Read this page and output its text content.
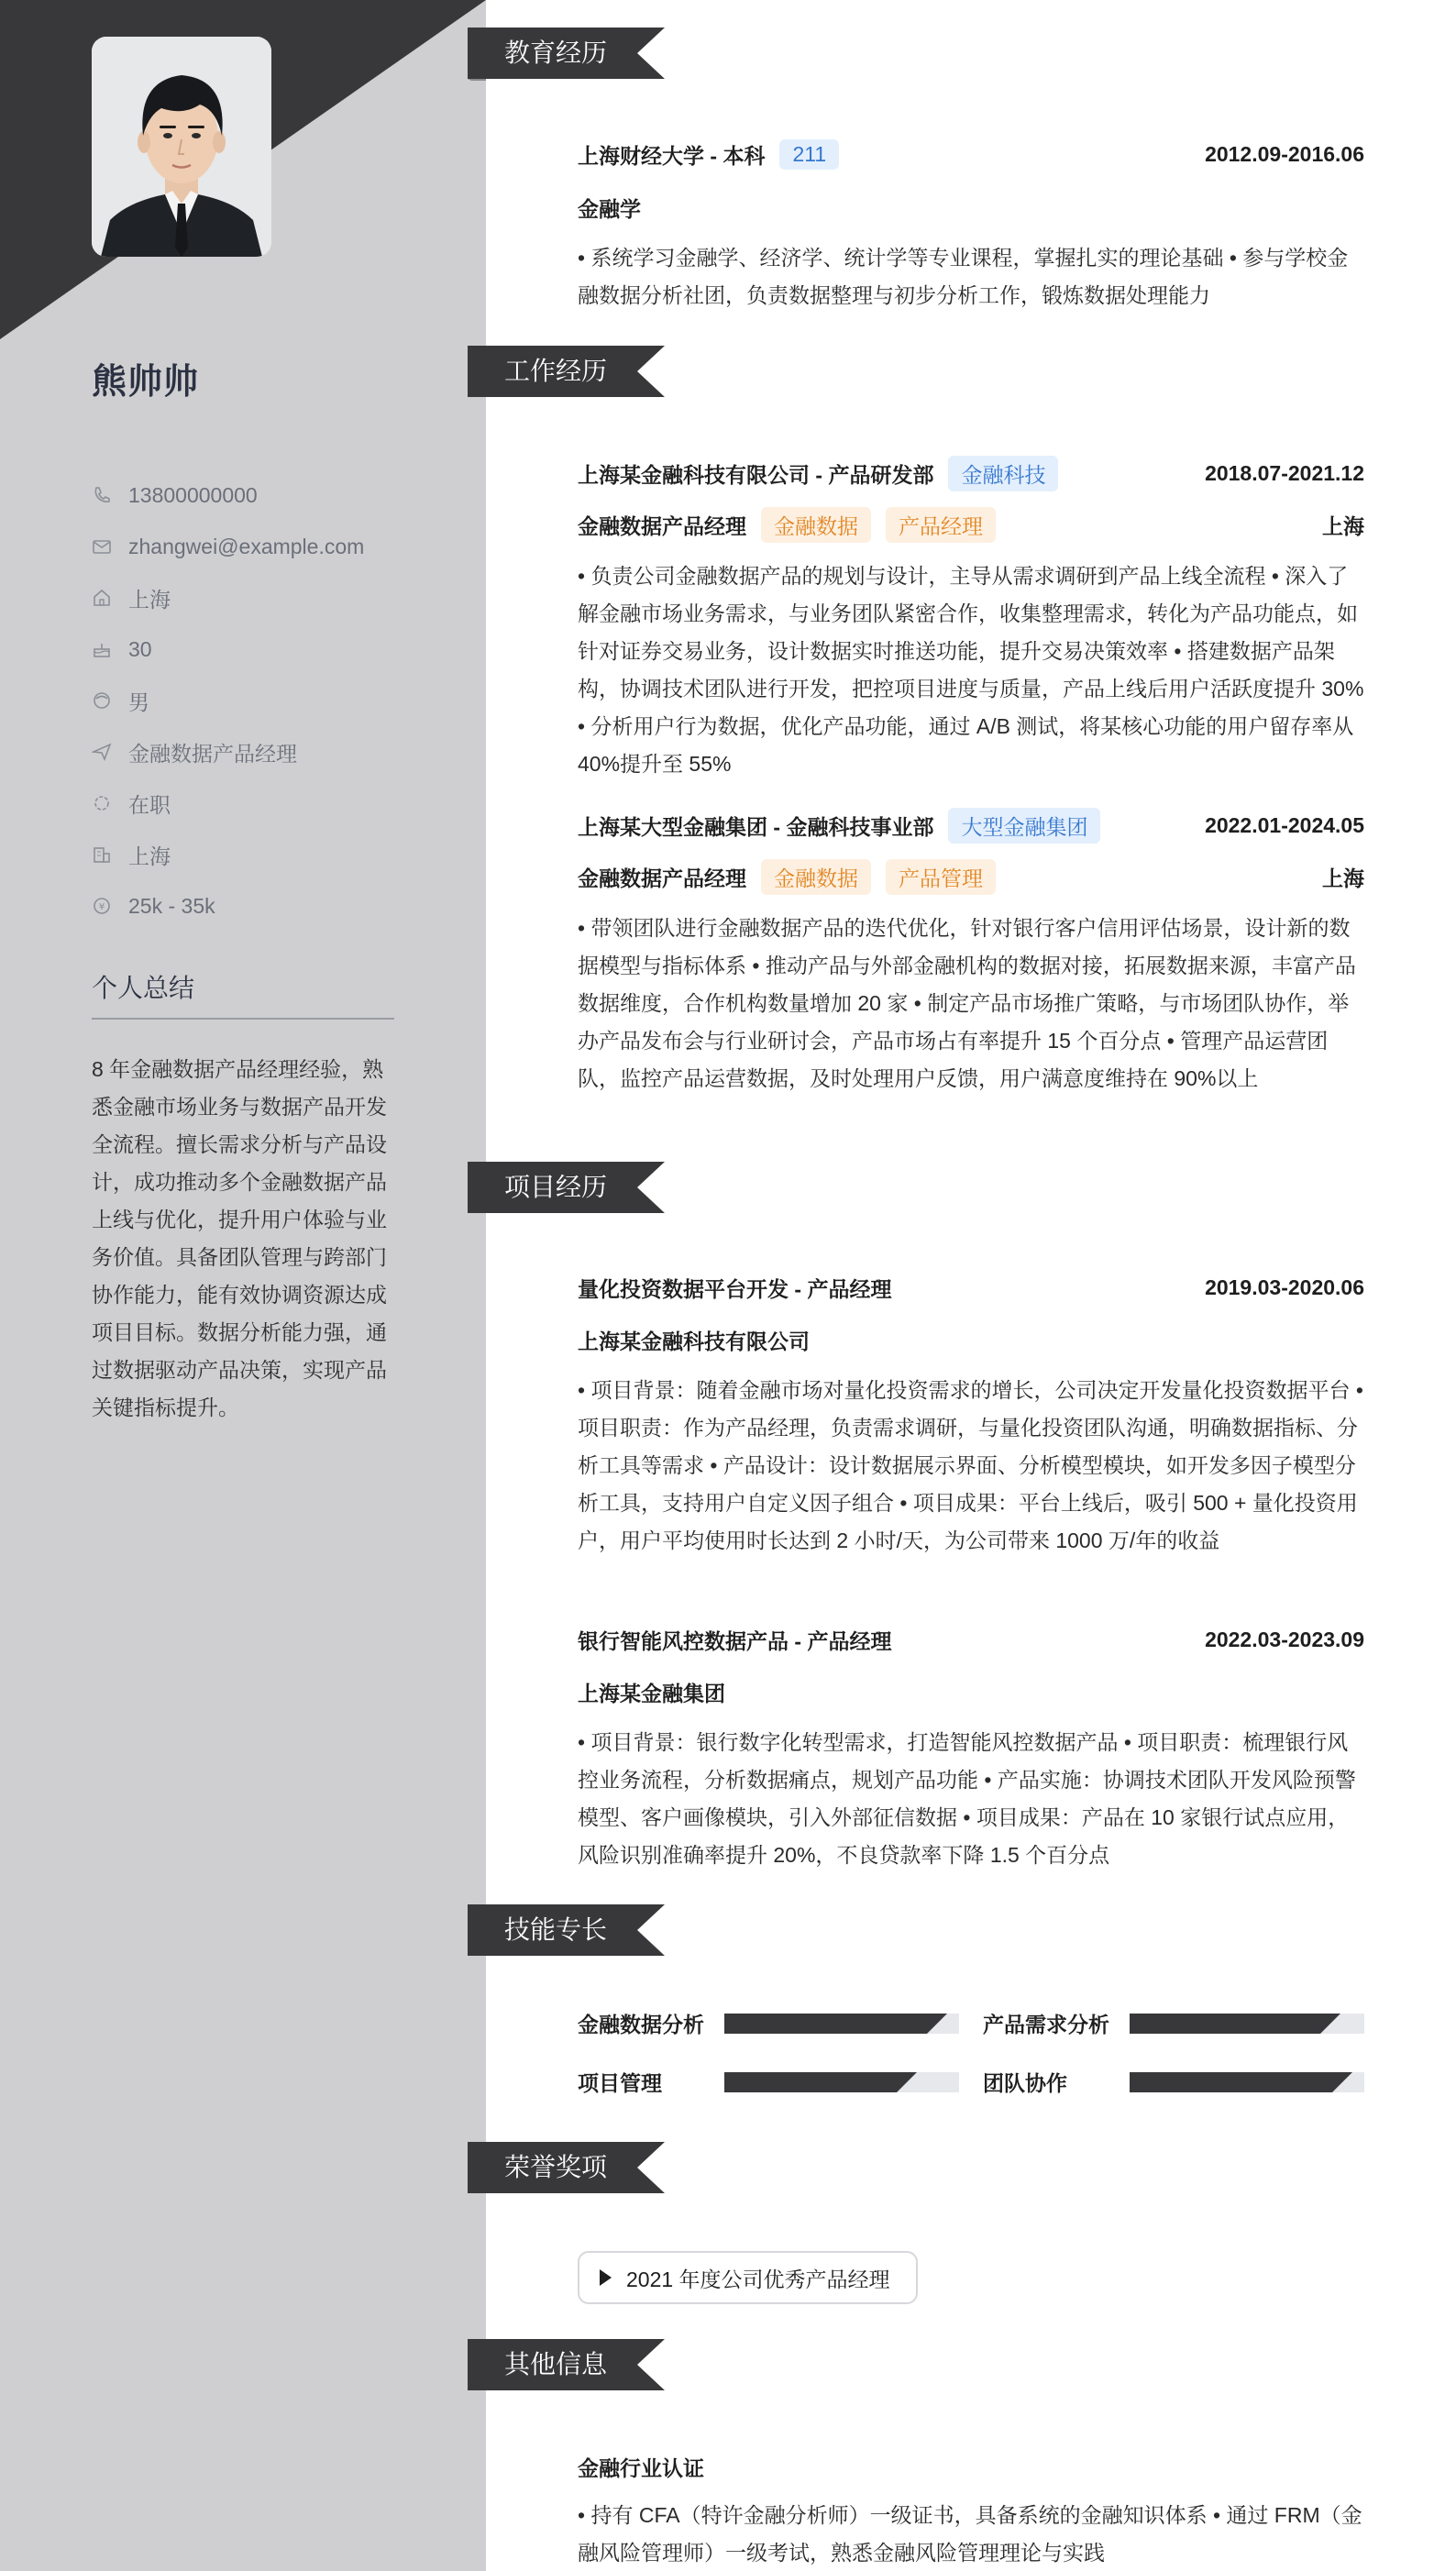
熊帅帅
13800000000
zhangwei@example.com
上海
30
男
金融数据产品经理
在职
上海
¥ 25k - 35k
个人总结
8 年金融数据产品经理经验，熟悉金融市场业务与数据产品开发全流程。擅长需求分析与产品设计，成功推动多个金融数据产品上线与优化，提升用户体验与业务价值。具备团队管理与跨部门协作能力，能有效协调资源达成项目目标。数据分析能力强，通过数据驱动产品决策，实现产品关键指标提升。
教育经历
上海财经大学 - 本科	211	2012.09-2016.06
金融学
• 系统学习金融学、经济学、统计学等专业课程，掌握扎实的理论基础 • 参与学校金融数据分析社团，负责数据整理与初步分析工作，锻炼数据处理能力
工作经历
上海某金融科技有限公司 - 产品研发部	金融科技	2018.07-2021.12
金融数据产品经理	金融数据	产品经理	上海
• 负责公司金融数据产品的规划与设计，主导从需求调研到产品上线全流程 • 深入了解金融市场业务需求，与业务团队紧密合作，收集整理需求，转化为产品功能点，如针对证券交易业务，设计数据实时推送功能，提升交易决策效率 • 搭建数据产品架构，协调技术团队进行开发，把控项目进度与质量，产品上线后用户活跃度提升 30% • 分析用户行为数据，优化产品功能，通过 A/B 测试，将某核心功能的用户留存率从 40%提升至 55%
上海某大型金融集团 - 金融科技事业部	大型金融集团	2022.01-2024.05
金融数据产品经理	金融数据	产品管理	上海
• 带领团队进行金融数据产品的迭代优化，针对银行客户信用评估场景，设计新的数据模型与指标体系 • 推动产品与外部金融机构的数据对接，拓展数据来源，丰富产品数据维度，合作机构数量增加 20 家 • 制定产品市场推广策略，与市场团队协作，举办产品发布会与行业研讨会，产品市场占有率提升 15 个百分点 • 管理产品运营团队，监控产品运营数据，及时处理用户反馈，用户满意度维持在 90%以上
项目经历
量化投资数据平台开发 - 产品经理	2019.03-2020.06
上海某金融科技有限公司
• 项目背景：随着金融市场对量化投资需求的增长，公司决定开发量化投资数据平台 • 项目职责：作为产品经理，负责需求调研，与量化投资团队沟通，明确数据指标、分析工具等需求 • 产品设计：设计数据展示界面、分析模型模块，如开发多因子模型分析工具，支持用户自定义因子组合 • 项目成果：平台上线后，吸引 500 + 量化投资用户，用户平均使用时长达到 2 小时/天，为公司带来 1000 万/年的收益
银行智能风控数据产品 - 产品经理	2022.03-2023.09
上海某金融集团
• 项目背景：银行数字化转型需求，打造智能风控数据产品 • 项目职责：梳理银行风控业务流程，分析数据痛点，规划产品功能 • 产品实施：协调技术团队开发风险预警模型、客户画像模块，引入外部征信数据 • 项目成果：产品在 10 家银行试点应用，风险识别准确率提升 20%，不良贷款率下降 1.5 个百分点
技能专长
金融数据分析	产品需求分析
项目管理	团队协作
荣誉奖项
2021 年度公司优秀产品经理
其他信息
金融行业认证
• 持有 CFA（特许金融分析师）一级证书，具备系统的金融知识体系 • 通过 FRM（金融风险管理师）一级考试，熟悉金融风险管理理论与实践
